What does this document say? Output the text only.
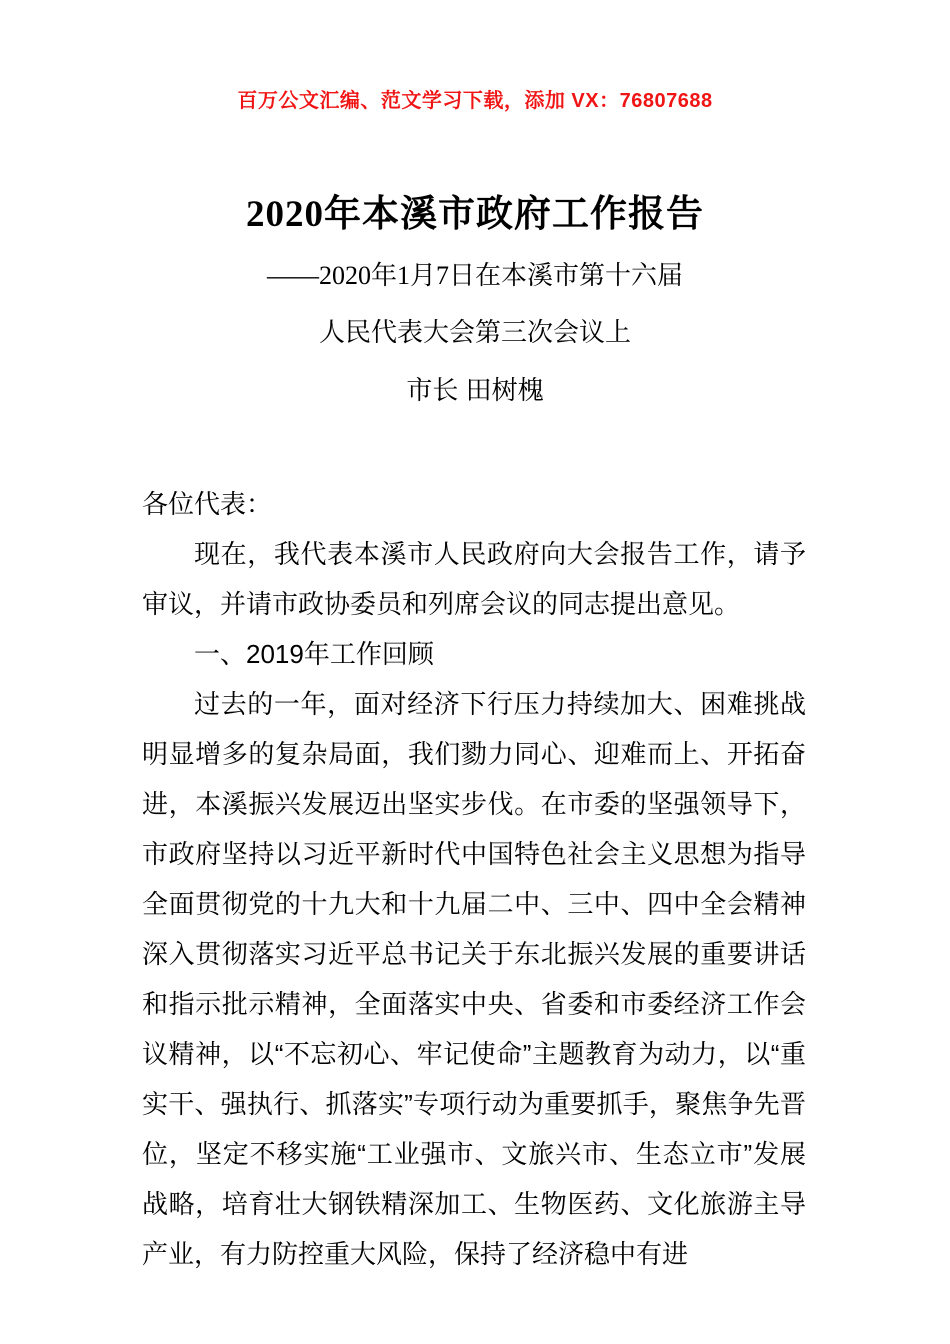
百万公文汇编、范文学习下载，添加 VX：76807688
2020年本溪市政府工作报告
——2020年1月7日在本溪市第十六届
人民代表大会第三次会议上
市长 田树槐

各位代表：

现在，我代表本溪市人民政府向大会报告工作，请予审议，并请市政协委员和列席会议的同志提出意见。

一、2019年工作回顾

过去的一年，面对经济下行压力持续加大、困难挑战明显增多的复杂局面，我们勠力同心、迎难而上、开拓奋进，本溪振兴发展迈出坚实步伐。在市委的坚强领导下，市政府坚持以习近平新时代中国特色社会主义思想为指导全面贯彻党的十九大和十九届二中、三中、四中全会精神深入贯彻落实习近平总书记关于东北振兴发展的重要讲话和指示批示精神，全面落实中央、省委和市委经济工作会议精神，以“不忘初心、牢记使命”主题教育为动力，以“重实干、强执行、抓落实”专项行动为重要抓手，聚焦争先晋位，坚定不移实施“工业强市、文旅兴市、生态立市”发展战略，培育壮大钢铁精深加工、生物医药、文化旅游主导产业，有力防控重大风险，保持了经济稳中有进
